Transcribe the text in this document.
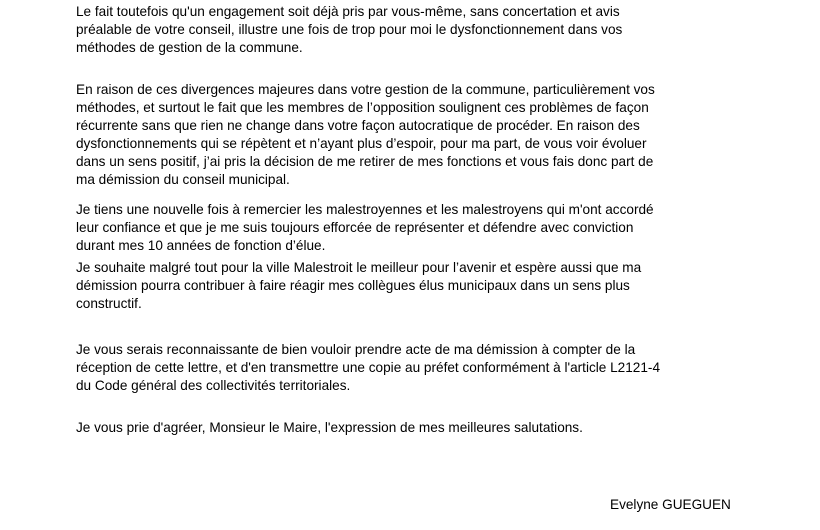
Le fait toutefois qu'un engagement soit déjà pris par vous-même, sans concertation et avis
préalable de votre conseil, illustre une fois de trop pour moi le dysfonctionnement dans vos
méthodes de gestion de la commune.

En raison de ces divergences majeures dans votre gestion de la commune, particulièrement vos
méthodes, et surtout le fait que les membres de l’opposition soulignent ces problèmes de façon
récurrente sans que rien ne change dans votre façon autocratique de procéder. En raison des
dysfonctionnements qui se répètent et n’ayant plus d’espoir, pour ma part, de vous voir évoluer
dans un sens positif, j’ai pris la décision de me retirer de mes fonctions et vous fais donc part de
ma démission du conseil municipal.

Je tiens une nouvelle fois à remercier les malestroyennes et les malestroyens qui m'ont accordé
leur confiance et que je me suis toujours efforcée de représenter et défendre avec conviction
durant mes 10 années de fonction d’élue.

Je souhaite malgré tout pour la ville Malestroit le meilleur pour l’avenir et espère aussi que ma
démission pourra contribuer à faire réagir mes collègues élus municipaux dans un sens plus
constructif.

Je vous serais reconnaissante de bien vouloir prendre acte de ma démission à compter de la
réception de cette lettre, et d'en transmettre une copie au préfet conformément à l'article L2121-4
du Code général des collectivités territoriales.

Je vous prie d'agréer, Monsieur le Maire, l'expression de mes meilleures salutations.

Evelyne GUEGUEN
